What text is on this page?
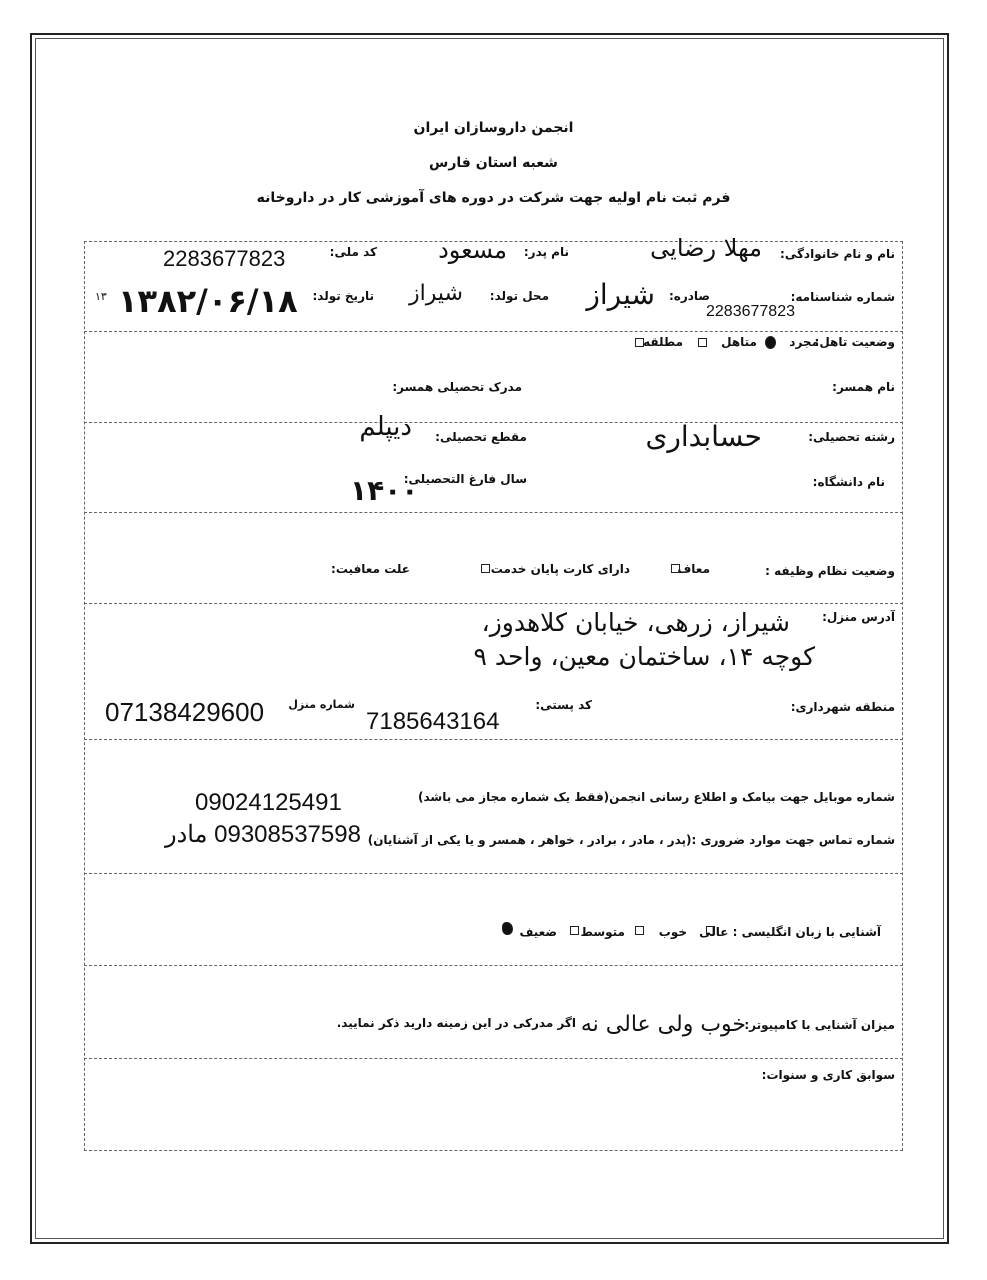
انجمن داروسازان ایران
شعبه استان فارس
فرم ثبت نام اولیه جهت شرکت در دوره های آموزشی کار در داروخانه
نام و نام خانوادگی:
مهلا رضایی
نام پدر:
مسعود
کد ملی:
2283677823
شماره شناسنامه:
2283677823
صادره:
شیراز
محل تولد:
شیراز
تاریخ تولد:
۱۳۸۲/۰۶/۱۸
۱۳
وضعیت تاهل:
مجرد
متاهل
مطلقه
نام همسر:
مدرک تحصیلی همسر:
رشته تحصیلی:
حسابداری
مقطع تحصیلی:
دیپلم
نام دانشگاه:
سال فارغ التحصیلی:
۱۴۰۰
وضعیت نظام وظیفه :
معاف
دارای کارت پایان خدمت
علت معافیت:
آدرس منزل:
شیراز، زرهی، خیابان کلاهدوز،
کوچه ۱۴، ساختمان معین، واحد ۹
منطقه شهرداری:
کد پستی:
7185643164
شماره منزل
07138429600
شماره موبایل جهت بیامک و اطلاع رسانی انجمن(فقط یک شماره مجاز می باشد)
09024125491
شماره تماس جهت موارد ضروری :(پدر ، مادر ، برادر ، خواهر ، همسر و یا یکی از آشنایان)
09308537598 مادر
آشنایی با زبان انگلیسی : عالی
خوب
متوسط
ضعیف
میزان آشنایی با کامپیوتر:
خوب ولی عالی نه
اگر مدرکی در این زمینه دارید ذکر نمایید.
سوابق کاری و سنوات:
